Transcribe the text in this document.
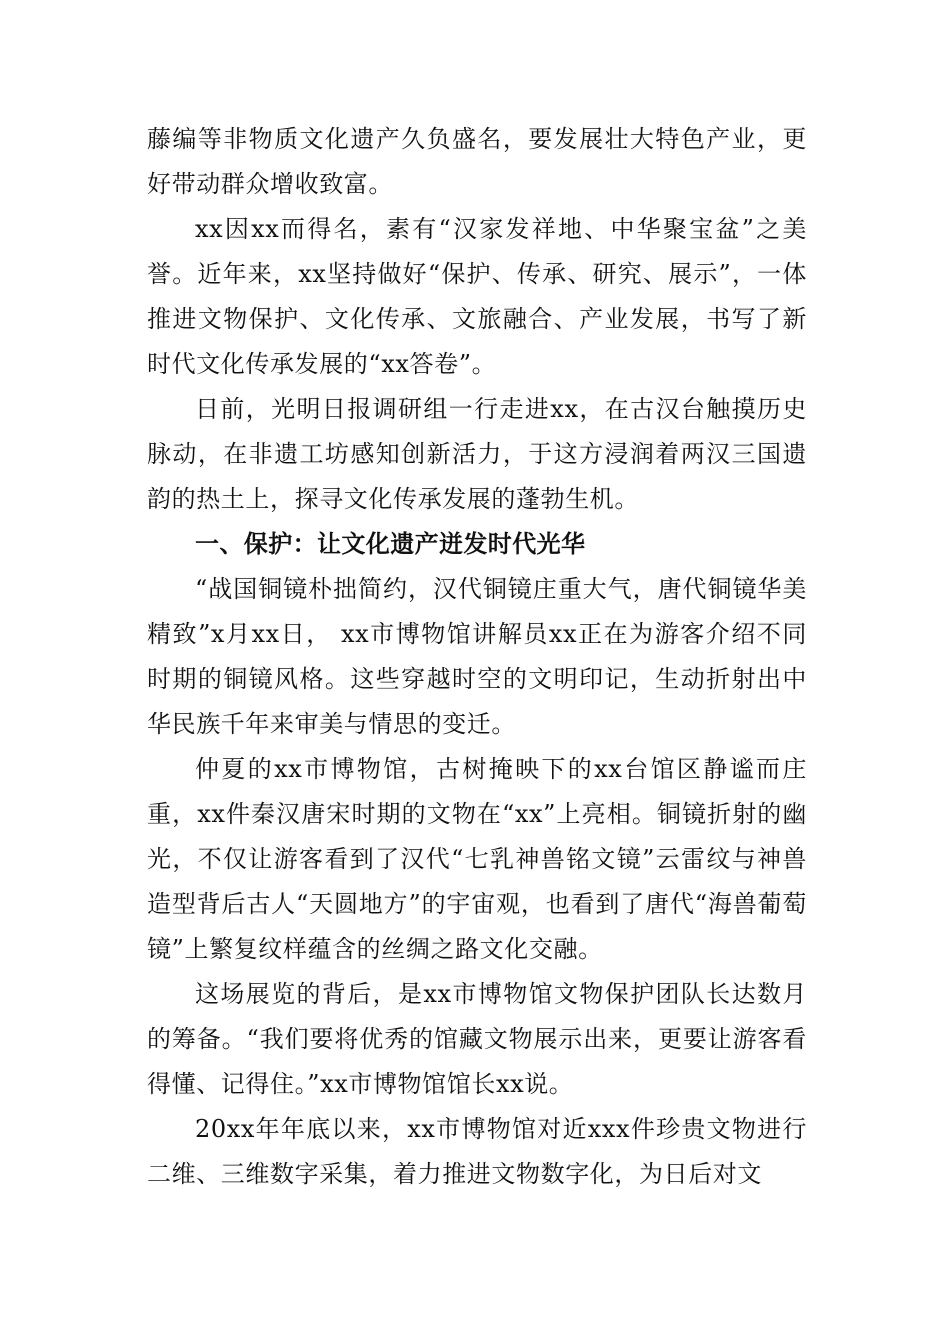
藤编等非物质文化遗产久负盛名，要发展壮大特色产业，更好带动群众增收致富。

xx因xx而得名，素有“汉家发祥地、中华聚宝盆”之美誉。近年来，xx坚持做好“保护、传承、研究、展示”，一体推进文物保护、文化传承、文旅融合、产业发展，书写了新时代文化传承发展的“xx答卷”。

日前，光明日报调研组一行走进xx，在古汉台触摸历史脉动，在非遗工坊感知创新活力，于这方浸润着两汉三国遗韵的热土上，探寻文化传承发展的蓬勃生机。

一、保护：让文化遗产迸发时代光华

“战国铜镜朴拙简约，汉代铜镜庄重大气，唐代铜镜华美精致”x月xx日， xx市博物馆讲解员xx正在为游客介绍不同时期的铜镜风格。这些穿越时空的文明印记，生动折射出中华民族千年来审美与情思的变迁。

仲夏的xx市博物馆，古树掩映下的xx台馆区静谧而庄重，xx件秦汉唐宋时期的文物在“xx”上亮相。铜镜折射的幽光，不仅让游客看到了汉代“七乳神兽铭文镜”云雷纹与神兽造型背后古人“天圆地方”的宇宙观，也看到了唐代“海兽葡萄镜”上繁复纹样蕴含的丝绸之路文化交融。

这场展览的背后，是xx市博物馆文物保护团队长达数月的筹备。“我们要将优秀的馆藏文物展示出来，更要让游客看得懂、记得住。”xx市博物馆馆长xx说。

20xx年年底以来，xx市博物馆对近xxx件珍贵文物进行二维、三维数字采集，着力推进文物数字化，为日后对文
